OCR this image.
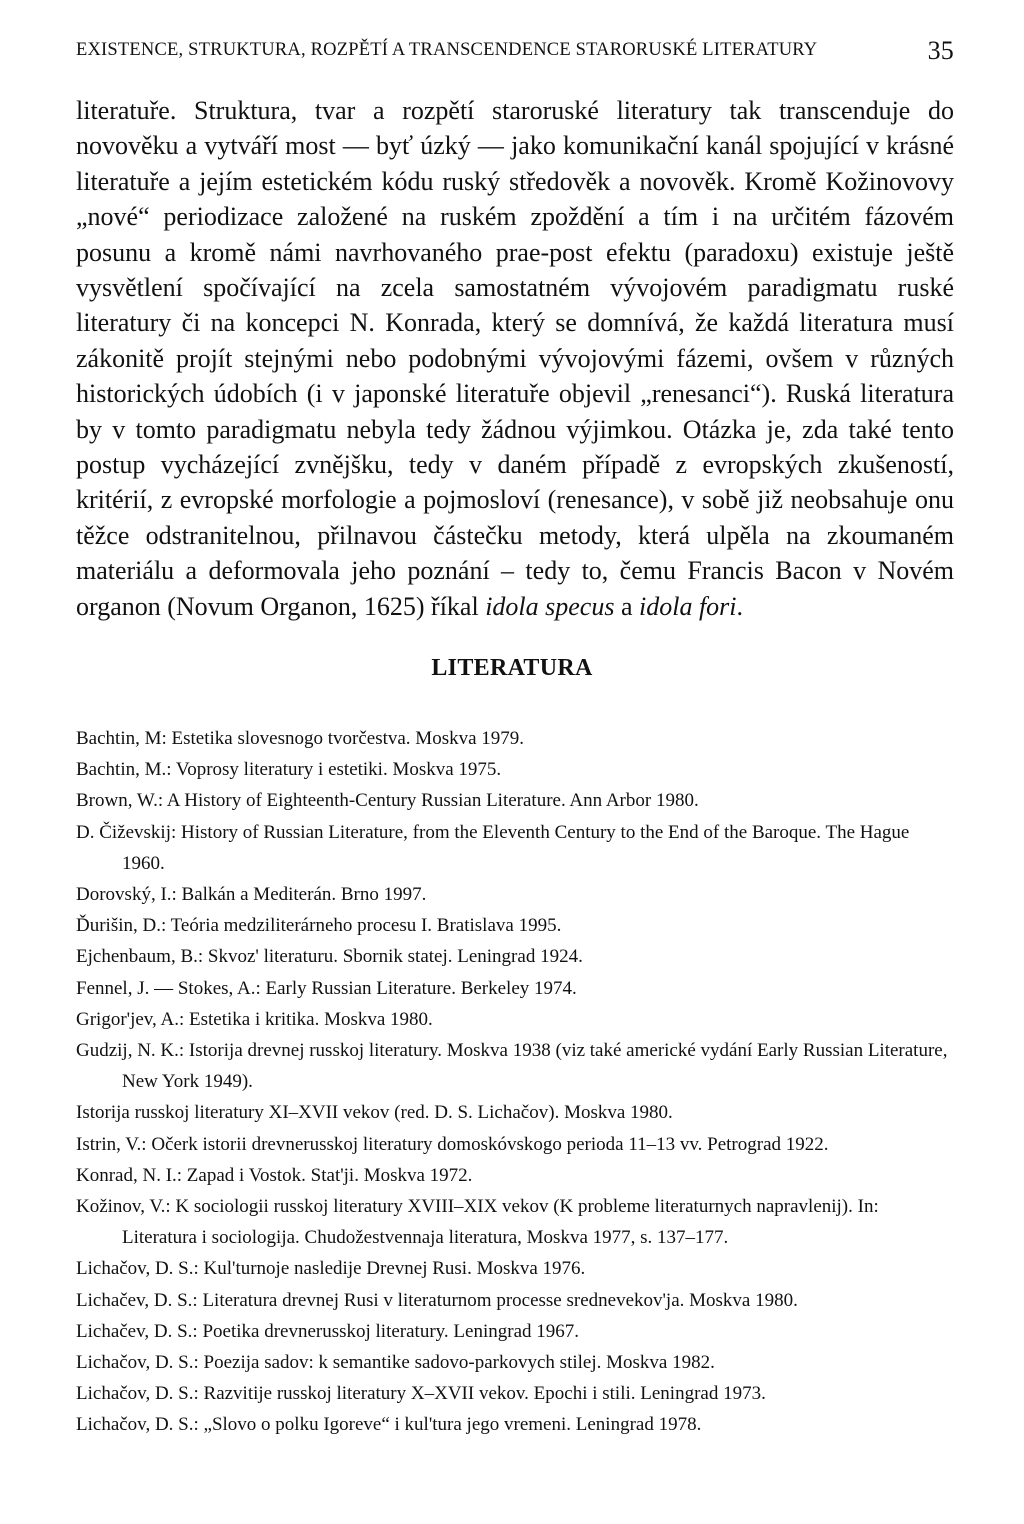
EXISTENCE, STRUKTURA, ROZPĚTÍ A TRANSCENDENCE STARORUSKÉ LITERATURY	35

literatuře. Struktura, tvar a rozpětí staroruské literatury tak transcenduje do novověku a vytváří most — byť úzký — jako komunikační kanál spojující v krásné literatuře a jejím estetickém kódu ruský středověk a novověk. Kromě Kožinovovy „nové“ periodizace založené na ruském zpoždění a tím i na určitém fázovém posunu a kromě námi navrhovaného prae-post efektu (paradoxu) existuje ještě vysvětlení spočívající na zcela samostatném vývojovém paradigmatu ruské literatury či na koncepci N. Konrada, který se domnívá, že každá literatura musí zákonitě projít stejnými nebo podobnými vývojovými fázemi, ovšem v různých historických údobích (i v japonské literatuře objevil „renesanci“). Ruská literatura by v tomto paradigmatu nebyla tedy žádnou výjimkou. Otázka je, zda také tento postup vycházející zvnějšku, tedy v daném případě z evropských zkušeností, kritérií, z evropské morfologie a pojmosloví (renesance), v sobě již neobsahuje onu těžce odstranitelnou, přilnavou částečku metody, která ulpěla na zkoumaném materiálu a deformovala jeho poznání – tedy to, čemu Francis Bacon v Novém organon (Novum Organon, 1625) říkal idola specus a idola fori.

LITERATURA
Bachtin, M: Estetika slovesnogo tvorčestva. Moskva 1979.
Bachtin, M.: Voprosy literatury i estetiki. Moskva 1975.
Brown, W.: A History of Eighteenth-Century Russian Literature. Ann Arbor 1980.
D. Čiževskij: History of Russian Literature, from the Eleventh Century to the End of the Baroque. The Hague 1960.
Dorovský, I.: Balkán a Mediterán. Brno 1997.
Ďurišin, D.: Teória medziliterárneho procesu I. Bratislava 1995.
Ejchenbaum, B.: Skvoz' literaturu. Sbornik statej. Leningrad 1924.
Fennel, J. — Stokes, A.: Early Russian Literature. Berkeley 1974.
Grigor'jev, A.: Estetika i kritika. Moskva 1980.
Gudzij, N. K.: Istorija drevnej russkoj literatury. Moskva 1938 (viz také americké vydání Early Russian Literature, New York 1949).
Istorija russkoj literatury XI–XVII vekov (red. D. S. Lichačov). Moskva 1980.
Istrin, V.: Očerk istorii drevnerusskoj literatury domoskóvskogo perioda 11–13 vv. Petrograd 1922.
Konrad, N. I.: Zapad i Vostok. Stat'ji. Moskva 1972.
Kožinov, V.: K sociologii russkoj literatury XVIII–XIX vekov (K probleme literaturnych napravlenij). In: Literatura i sociologija. Chudožestvennaja literatura, Moskva 1977, s. 137–177.
Lichačov, D. S.: Kul'turnoje nasledije Drevnej Rusi. Moskva 1976.
Lichačev, D. S.: Literatura drevnej Rusi v literaturnom processe srednevekov'ja. Moskva 1980.
Lichačev, D. S.: Poetika drevnerusskoj literatury. Leningrad 1967.
Lichačov, D. S.: Poezija sadov: k semantike sadovo-parkovych stilej. Moskva 1982.
Lichačov, D. S.: Razvitije russkoj literatury X–XVII vekov. Epochi i stili. Leningrad 1973.
Lichačov, D. S.: „Slovo o polku Igoreve“ i kul'tura jego vremeni. Leningrad 1978.
